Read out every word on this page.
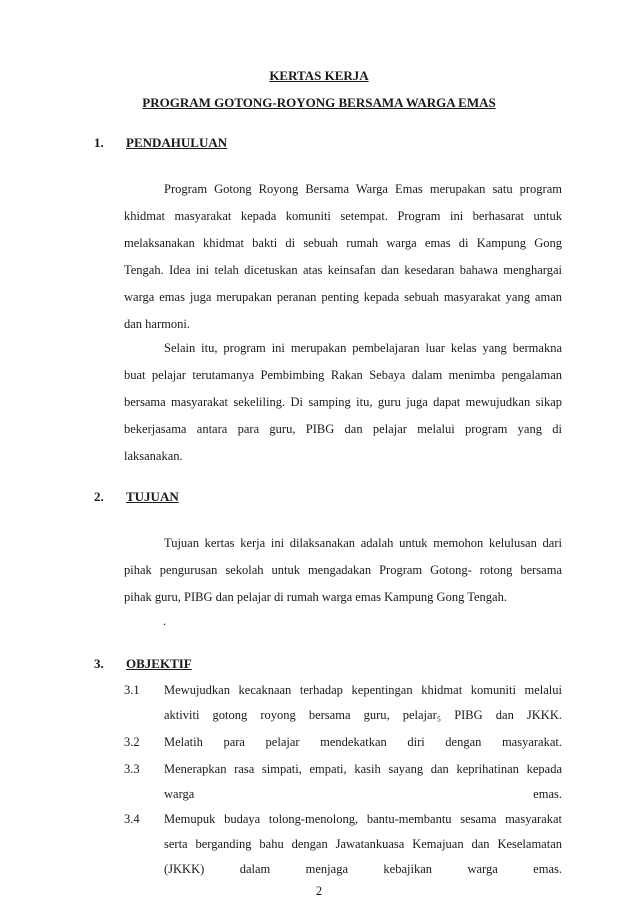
KERTAS KERJA
PROGRAM GOTONG-ROYONG BERSAMA WARGA EMAS
1. PENDAHULUAN
Program Gotong Royong Bersama Warga Emas merupakan satu program
khidmat masyarakat kepada komuniti setempat. Program ini berhasarat untuk
melaksanakan khidmat bakti di sebuah rumah warga emas di Kampung Gong
Tengah. Idea ini telah dicetuskan atas keinsafan dan kesedaran bahawa menghargai
warga emas juga merupakan peranan penting kepada sebuah masyarakat yang aman
dan harmoni.
Selain itu, program ini merupakan pembelajaran luar kelas yang bermakna
buat pelajar terutamanya Pembimbing Rakan Sebaya dalam menimba pengalaman
bersama masyarakat sekeliling. Di samping itu, guru juga dapat mewujudkan sikap
bekerjasama antara para guru, PIBG dan pelajar melalui program yang di
laksanakan.
2. TUJUAN
Tujuan kertas kerja ini dilaksanakan adalah untuk memohon kelulusan dari
pihak pengurusan sekolah untuk mengadakan Program Gotong- rotong bersama
pihak guru, PIBG dan pelajar di rumah warga emas Kampung Gong Tengah.
.
3. OBJEKTIF
3.1 Mewujudkan kecaknaan terhadap kepentingan khidmat komuniti melalui
aktiviti gotong royong bersama guru, pelajar₅ PIBG dan JKKK.
3.2 Melatih para pelajar mendekatkan diri dengan masyarakat.
3.3 Menerapkan rasa simpati, empati, kasih sayang dan keprihatinan kepada
warga emas.
3.4 Memupuk budaya tolong-menolong, bantu-membantu sesama masyarakat
serta berganding bahu dengan Jawatankuasa Kemajuan dan Keselamatan
(JKKK) dalam menjaga kebajikan warga emas.
2
